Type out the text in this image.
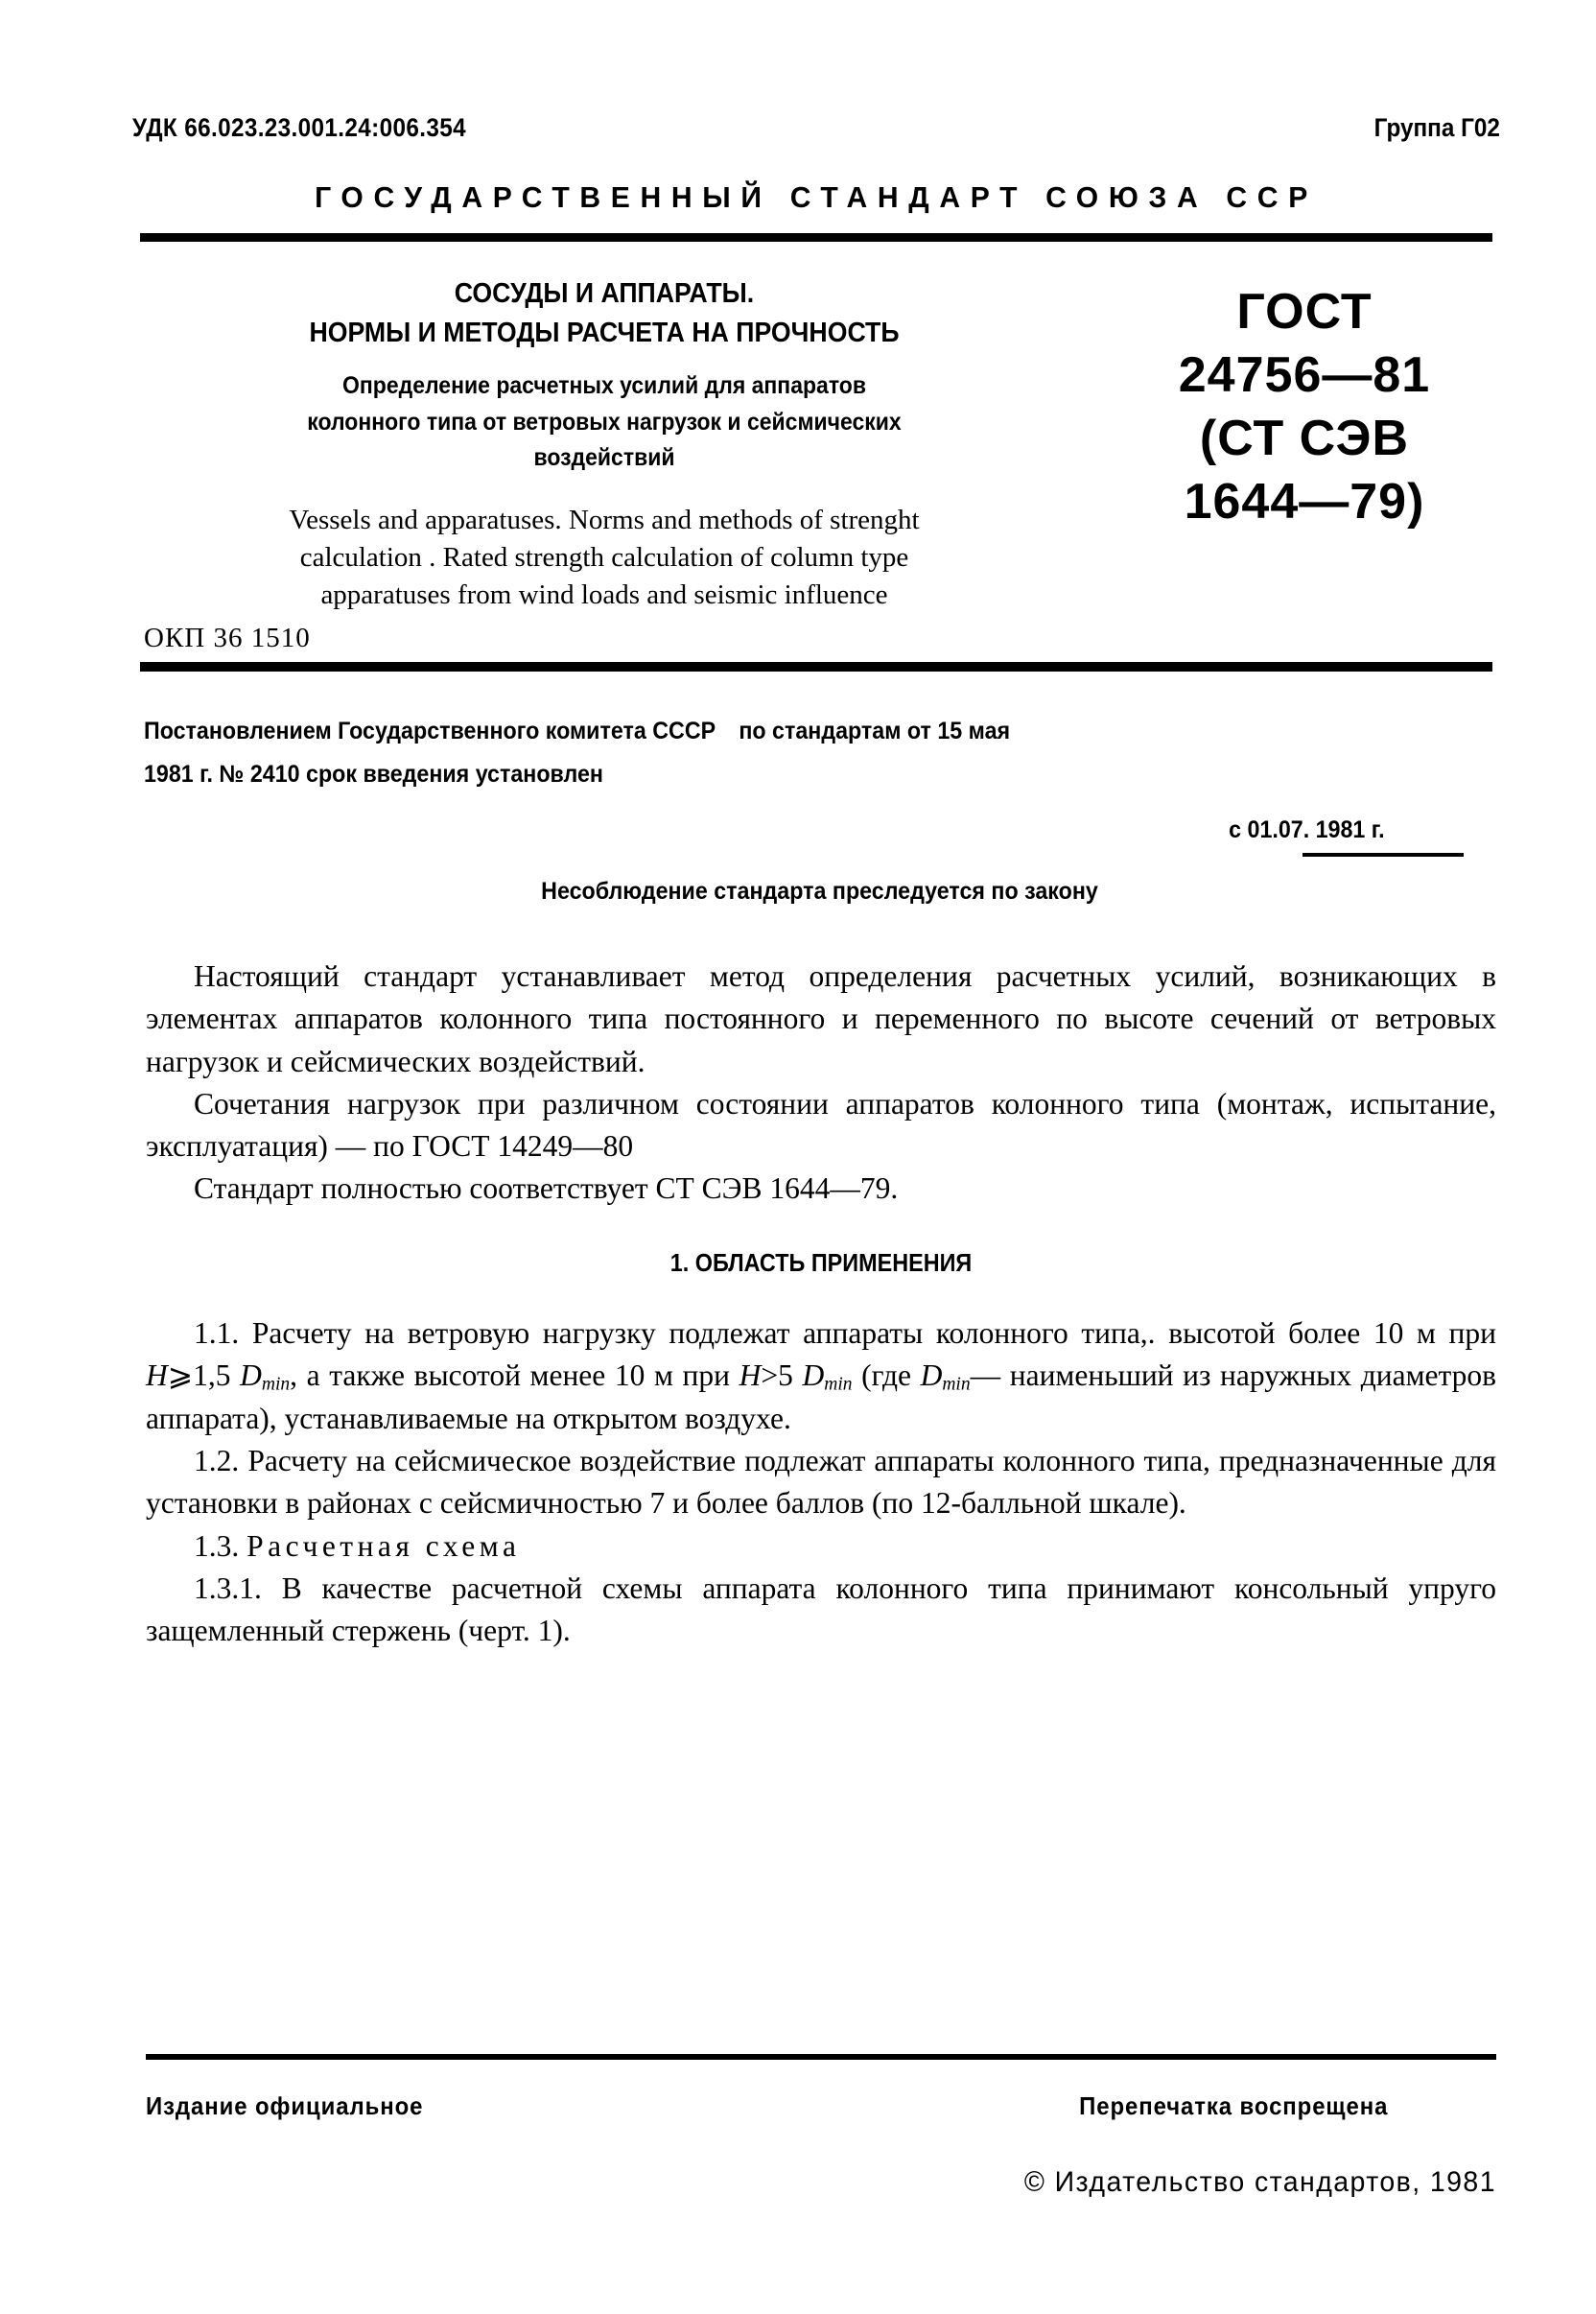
УДК 66.023.23.001.24:006.354	Группа Г02
ГОСУДАРСТВЕННЫЙ СТАНДАРТ СОЮЗА ССР
СОСУДЫ И АППАРАТЫ.
НОРМЫ И МЕТОДЫ РАСЧЕТА НА ПРОЧНОСТЬ
Определение расчетных усилий для аппаратов
колонного типа от ветровых нагрузок и сейсмических
воздействий
Vessels and apparatuses. Norms and methods of strenght
calculation . Rated strength calculation of column type
apparatuses from wind loads and seismic influence
ОКП 36 1510
ГОСТ
24756—81
(СТ СЭВ
1644—79)
Постановлением Государственного комитета СССР по стандартам от 15 мая
1981 г. № 2410 срок введения установлен
с 01.07. 1981 г.
Несоблюдение стандарта преследуется по закону

Настоящий стандарт устанавливает метод определения расчетных усилий, возникающих в элементах аппаратов колонного типа постоянного и переменного по высоте сечений от ветровых нагрузок и сейсмических воздействий.

Сочетания нагрузок при различном состоянии аппаратов колонного типа (монтаж, испытание, эксплуатация) — по ГОСТ 14249—80

Стандарт полностью соответствует СТ СЭВ 1644—79.

1. ОБЛАСТЬ ПРИМЕНЕНИЯ

1.1. Расчету на ветровую нагрузку подлежат аппараты колонного типа,. высотой более 10 м при H⩾1,5 $D_{min}$, а также высотой менее 10 м при H>5 $D_{min}$ (где $D_{min}—$ наименьший из наружных диаметров аппарата), устанавливаемые на открытом воздухе.

1.2. Расчету на сейсмическое воздействие подлежат аппараты колонного типа, предназначенные для установки в районах с сейсмичностью 7 и более баллов (по 12-балльной шкале).

1.3. Расчетная схема

1.3.1. В качестве расчетной схемы аппарата колонного типа принимают консольный упруго защемленный стержень (черт. 1).

Издание официальное	Перепечатка воспрещена
© Издательство стандартов, 1981
